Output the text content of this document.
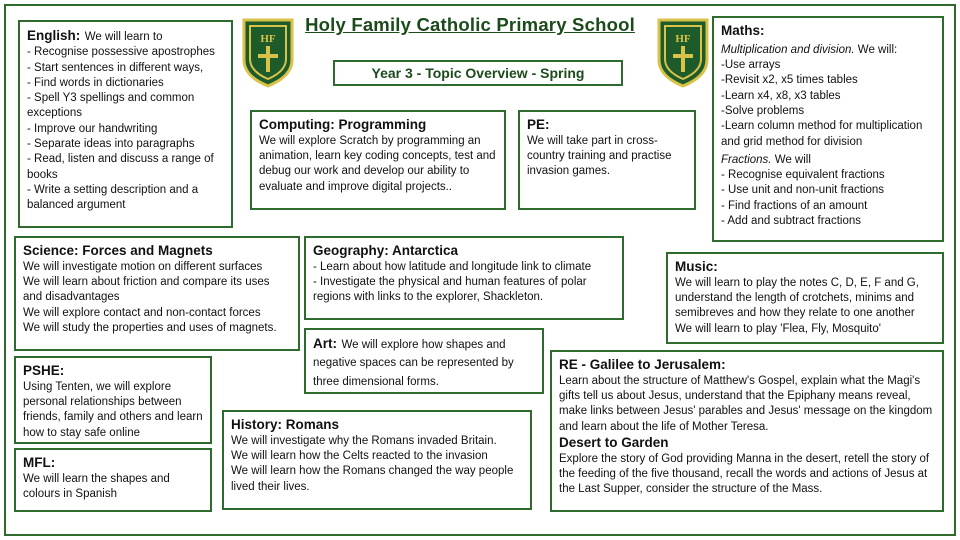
Holy Family Catholic Primary School
Year 3 - Topic Overview - Spring
HF	HF
English: We will learn to
- Recognise possessive apostrophes
- Start sentences in different ways,
- Find words in dictionaries
- Spell Y3 spellings and common exceptions
- Improve our handwriting
- Separate ideas into paragraphs
- Read, listen and discuss a range of books
- Write a setting description and a balanced argument
Computing: Programming
We will explore Scratch by programming an animation, learn key coding concepts, test and debug our work and develop our ability to evaluate and improve digital projects..
PE:
We will take part in cross-country training and practise invasion games.
Maths:
Multiplication and division. We will:
-Use arrays
-Revisit x2, x5 times tables
-Learn x4, x8, x3 tables
-Solve problems
-Learn column method for multiplication and grid method for division
Fractions. We will
- Recognise equivalent fractions
- Use unit and non-unit fractions
- Find fractions of an amount
- Add and subtract fractions
Science: Forces and Magnets
We will investigate motion on different surfaces
We will learn about friction and compare its uses and disadvantages
We will explore contact and non-contact forces
We will study the properties and uses of magnets.
Geography: Antarctica
- Learn about how latitude and longitude link to climate
- Investigate the physical and human features of polar regions with links to the explorer, Shackleton.
Art: We will explore how shapes and negative spaces can be represented by three dimensional forms.
Music:
We will learn to play the notes C, D, E, F and G, understand the length of crotchets, minims and semibreves and how they relate to one another
We will learn to play 'Flea, Fly, Mosquito'
PSHE:
Using Tenten, we will explore personal relationships between friends, family and others and learn how to stay safe online
MFL:
We will learn the shapes and colours in Spanish
History: Romans
We will investigate why the Romans invaded Britain.
We will learn how the Celts reacted to the invasion
We will learn how the Romans changed the way people lived their lives.
RE - Galilee to Jerusalem:
Learn about the structure of Matthew's Gospel, explain what the Magi's gifts tell us about Jesus, understand that the Epiphany means reveal, make links between Jesus' parables and Jesus' message on the kingdom and learn about the life of Mother Teresa.
Desert to Garden
Explore the story of God providing Manna in the desert, retell the story of the feeding of the five thousand, recall the words and actions of Jesus at the Last Supper, consider the structure of the Mass.
